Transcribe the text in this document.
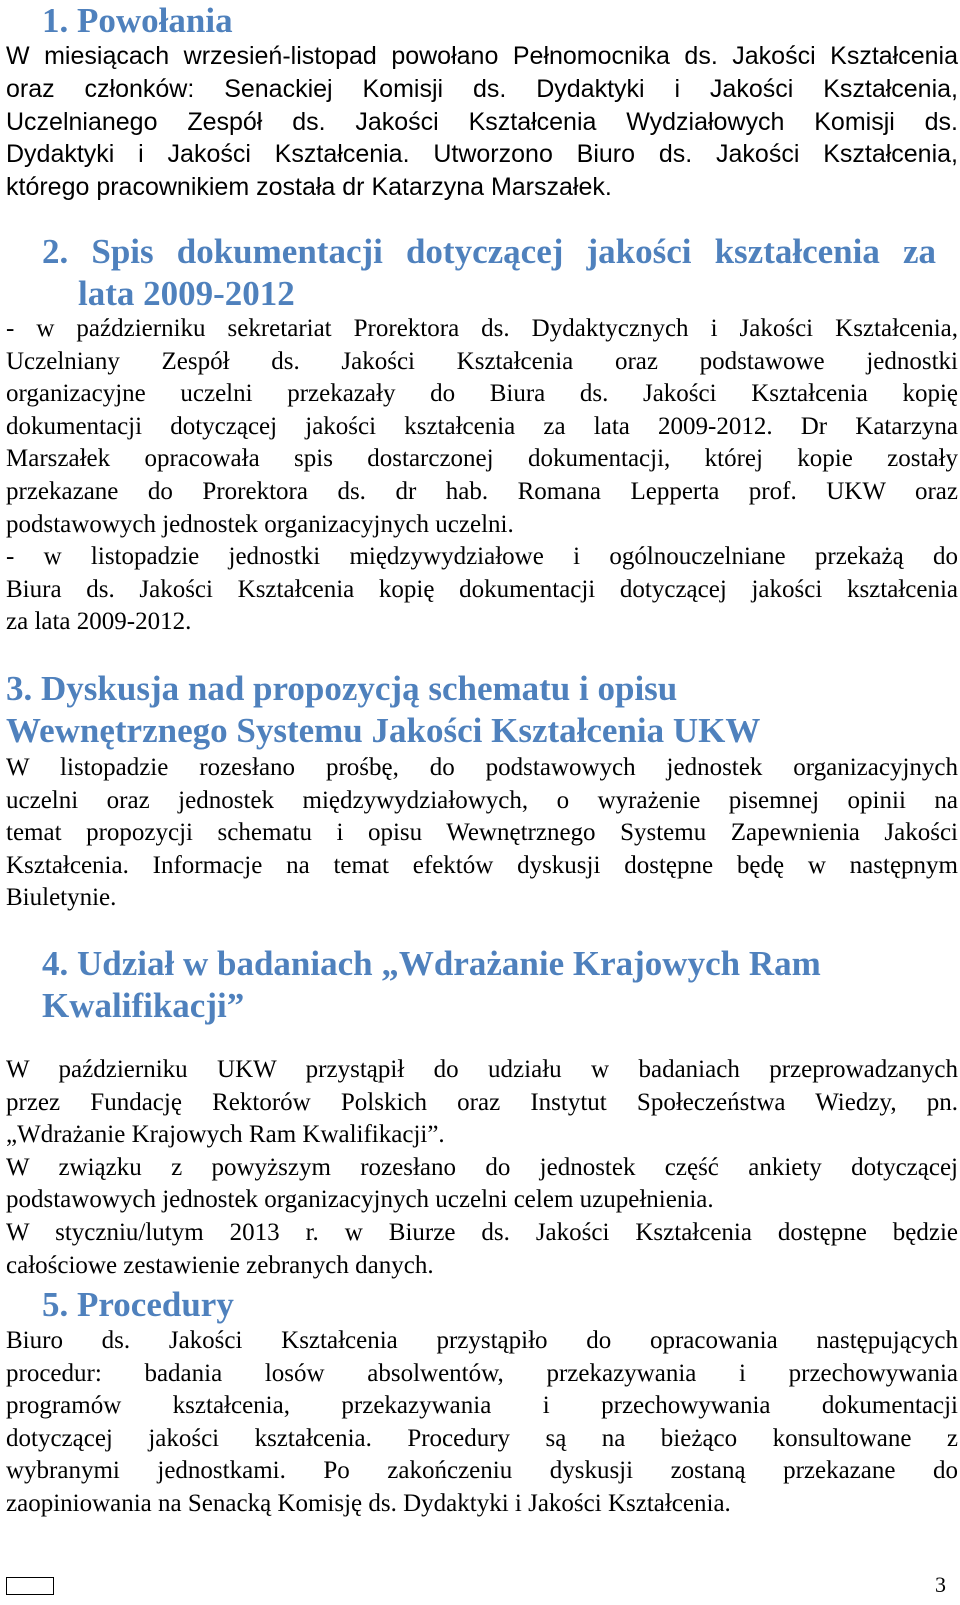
1. Powołania
W miesiącach wrzesień-listopad powołano Pełnomocnika ds. Jakości Kształcenia
oraz członków: Senackiej Komisji ds. Dydaktyki i Jakości Kształcenia,
Uczelnianego Zespół ds. Jakości Kształcenia Wydziałowych Komisji ds.
Dydaktyki i Jakości Kształcenia. Utworzono Biuro ds. Jakości Kształcenia,
którego pracownikiem została dr Katarzyna Marszałek.
2. Spis dokumentacji dotyczącej jakości kształcenia za
lata 2009-2012
- w październiku sekretariat Prorektora ds. Dydaktycznych i Jakości Kształcenia,
Uczelniany Zespół ds. Jakości Kształcenia oraz podstawowe jednostki
organizacyjne uczelni przekazały do Biura ds. Jakości Kształcenia kopię
dokumentacji dotyczącej jakości kształcenia za lata 2009-2012. Dr Katarzyna
Marszałek opracowała spis dostarczonej dokumentacji, której kopie zostały
przekazane do Prorektora ds. dr hab. Romana Lepperta prof. UKW oraz
podstawowych jednostek organizacyjnych uczelni.
- w listopadzie jednostki międzywydziałowe i ogólnouczelniane przekażą do
Biura ds. Jakości Kształcenia kopię dokumentacji dotyczącej jakości kształcenia
za lata 2009-2012.
3. Dyskusja nad propozycją schematu i opisu
Wewnętrznego Systemu Jakości Kształcenia UKW
W listopadzie rozesłano prośbę, do podstawowych jednostek organizacyjnych
uczelni oraz jednostek międzywydziałowych, o wyrażenie pisemnej opinii na
temat propozycji schematu i opisu Wewnętrznego Systemu Zapewnienia Jakości
Kształcenia. Informacje na temat efektów dyskusji dostępne będę w następnym
Biuletynie.
4. Udział w badaniach „Wdrażanie Krajowych Ram
Kwalifikacji”
W październiku UKW przystąpił do udziału w badaniach przeprowadzanych
przez Fundację Rektorów Polskich oraz Instytut Społeczeństwa Wiedzy, pn.
„Wdrażanie Krajowych Ram Kwalifikacji”.
W związku z powyższym rozesłano do jednostek część ankiety dotyczącej
podstawowych jednostek organizacyjnych uczelni celem uzupełnienia.
W styczniu/lutym 2013 r. w Biurze ds. Jakości Kształcenia dostępne będzie
całościowe zestawienie zebranych danych.
5. Procedury
Biuro ds. Jakości Kształcenia przystąpiło do opracowania następujących
procedur: badania losów absolwentów, przekazywania i przechowywania
programów kształcenia, przekazywania i przechowywania dokumentacji
dotyczącej jakości kształcenia. Procedury są na bieżąco konsultowane z
wybranymi jednostkami. Po zakończeniu dyskusji zostaną przekazane do
zaopiniowania na Senacką Komisję ds. Dydaktyki i Jakości Kształcenia.
3
